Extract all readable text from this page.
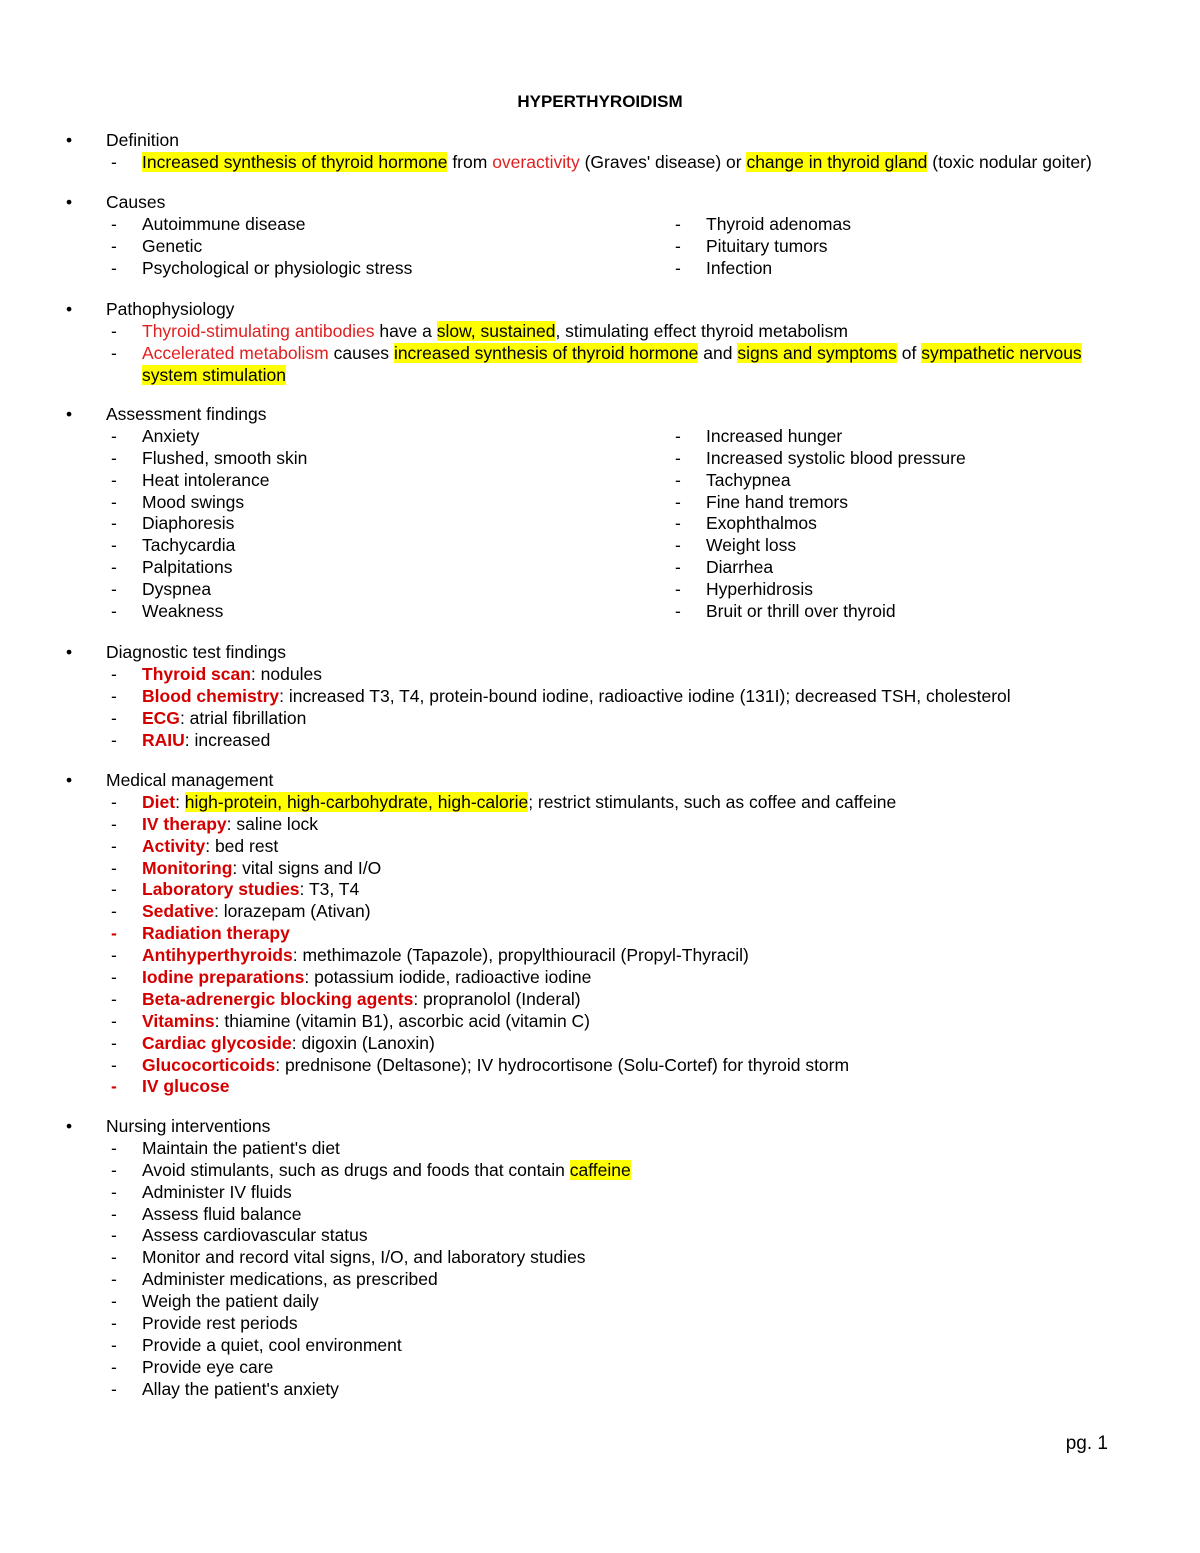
HYPERTHYROIDISM
• Definition
- Increased synthesis of thyroid hormone from overactivity (Graves' disease) or change in thyroid gland (toxic nodular goiter)
• Causes
- Autoimmune disease
- Genetic
- Psychological or physiologic stress
- Thyroid adenomas
- Pituitary tumors
- Infection
• Pathophysiology
- Thyroid-stimulating antibodies have a slow, sustained, stimulating effect thyroid metabolism
- Accelerated metabolism causes increased synthesis of thyroid hormone and signs and symptoms of sympathetic nervous system stimulation
• Assessment findings
- Anxiety
- Flushed, smooth skin
- Heat intolerance
- Mood swings
- Diaphoresis
- Tachycardia
- Palpitations
- Dyspnea
- Weakness
- Increased hunger
- Increased systolic blood pressure
- Tachypnea
- Fine hand tremors
- Exophthalmos
- Weight loss
- Diarrhea
- Hyperhidrosis
- Bruit or thrill over thyroid
• Diagnostic test findings
- Thyroid scan: nodules
- Blood chemistry: increased T3, T4, protein-bound iodine, radioactive iodine (131I); decreased TSH, cholesterol
- ECG: atrial fibrillation
- RAIU: increased
• Medical management
- Diet: high-protein, high-carbohydrate, high-calorie; restrict stimulants, such as coffee and caffeine
- IV therapy: saline lock
- Activity: bed rest
- Monitoring: vital signs and I/O
- Laboratory studies: T3, T4
- Sedative: lorazepam (Ativan)
- Radiation therapy
- Antihyperthyroids: methimazole (Tapazole), propylthiouracil (Propyl-Thyracil)
- Iodine preparations: potassium iodide, radioactive iodine
- Beta-adrenergic blocking agents: propranolol (Inderal)
- Vitamins: thiamine (vitamin B1), ascorbic acid (vitamin C)
- Cardiac glycoside: digoxin (Lanoxin)
- Glucocorticoids: prednisone (Deltasone); IV hydrocortisone (Solu-Cortef) for thyroid storm
- IV glucose
• Nursing interventions
- Maintain the patient's diet
- Avoid stimulants, such as drugs and foods that contain caffeine
- Administer IV fluids
- Assess fluid balance
- Assess cardiovascular status
- Monitor and record vital signs, I/O, and laboratory studies
- Administer medications, as prescribed
- Weigh the patient daily
- Provide rest periods
- Provide a quiet, cool environment
- Provide eye care
- Allay the patient's anxiety
pg. 1
